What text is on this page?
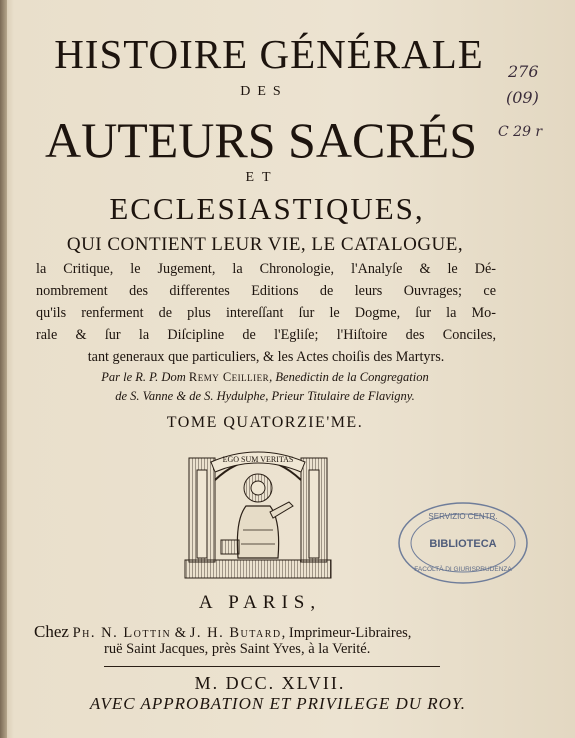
HISTOIRE GÉNÉRALE
DES
AUTEURS SACRÉS
ET
ECCLESIASTIQUES,
QUI CONTIENT LEUR VIE, LE CATALOGUE,
la Critique, le Jugement, la Chronologie, l'Analyſe & le Dé-
nombrement des differentes Editions de leurs Ouvrages; ce
qu'ils renferment de plus intereſſant ſur le Dogme, ſur la Mo-
rale & ſur la Diſcipline de l'Egliſe; l'Hiſtoire des Conciles,
tant generaux que particuliers, & les Actes choiſis des Martyrs.
Par le R. P. Dom Remy Ceillier, Benedictin de la Congregation
de S. Vanne & de S. Hydulphe, Prieur Titulaire de Flavigny.
TOME QUATORZIE'ME.
EGO SUM VERITAS
SERVIZIO CENTR.
BIBLIOTECA
FACOLTÀ DI GIURISPRUDENZA
A PARIS,
Chez Ph. N. Lottin & J. H. Butard, Imprimeur-Libraires,
ruë Saint Jacques, près Saint Yves, à la Verité.
M. DCC. XLVII.
AVEC APPROBATION ET PRIVILEGE DU ROY.
276
(09)
C 29 r
